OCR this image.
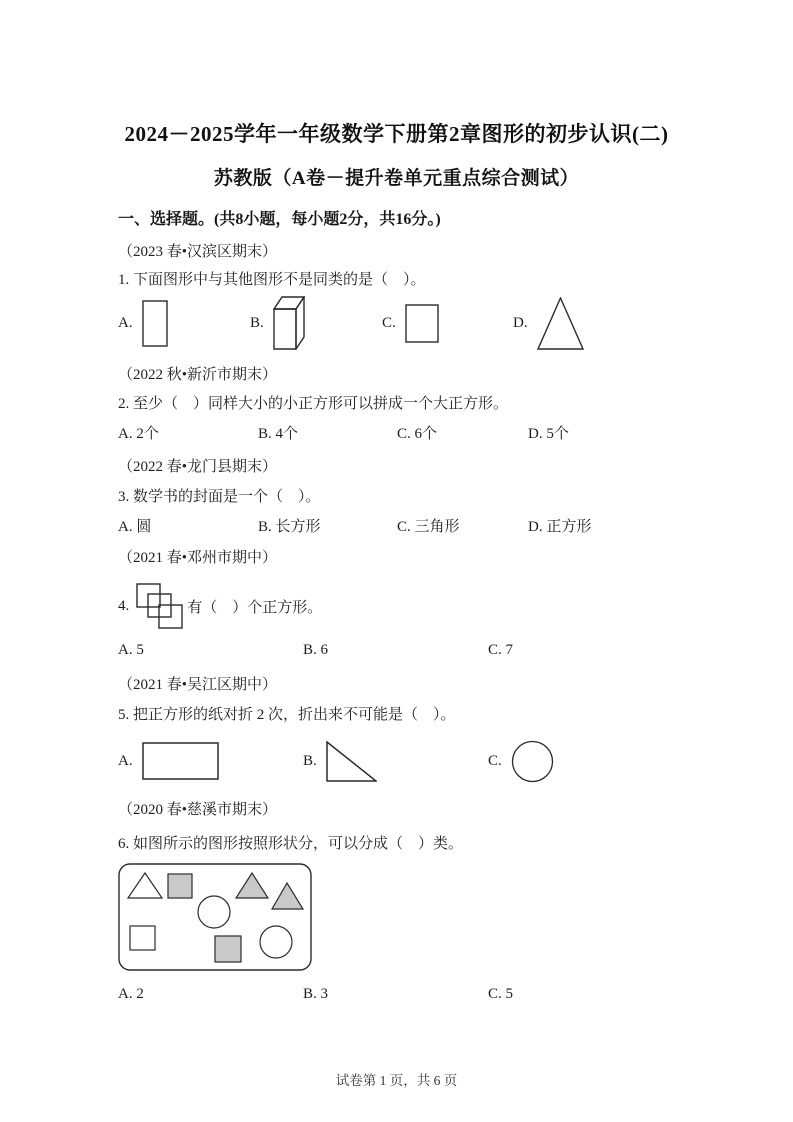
2024－2025学年一年级数学下册第2章图形的初步认识(二)
苏教版（A卷－提升卷单元重点综合测试）
一、选择题。(共8小题，每小题2分，共16分。)
（2023 春•汉滨区期末）
1. 下面图形中与其他图形不是同类的是（　）。
A.	B.	C.	D.
（2022 秋•新沂市期末）
2. 至少（　）同样大小的小正方形可以拼成一个大正方形。
A. 2个	B. 4个	C. 6个	D. 5个
（2022 春•龙门县期末）
3. 数学书的封面是一个（　）。
A. 圆	B. 长方形	C. 三角形	D. 正方形
（2021 春•邓州市期中）
4.	有（　）个正方形。
A. 5	B. 6	C. 7
（2021 春•吴江区期中）
5. 把正方形的纸对折 2 次，折出来不可能是（　）。
A.	B.	C.
（2020 春•慈溪市期末）
6. 如图所示的图形按照形状分，可以分成（　）类。
A. 2	B. 3	C. 5
试卷第 1 页，共 6 页
